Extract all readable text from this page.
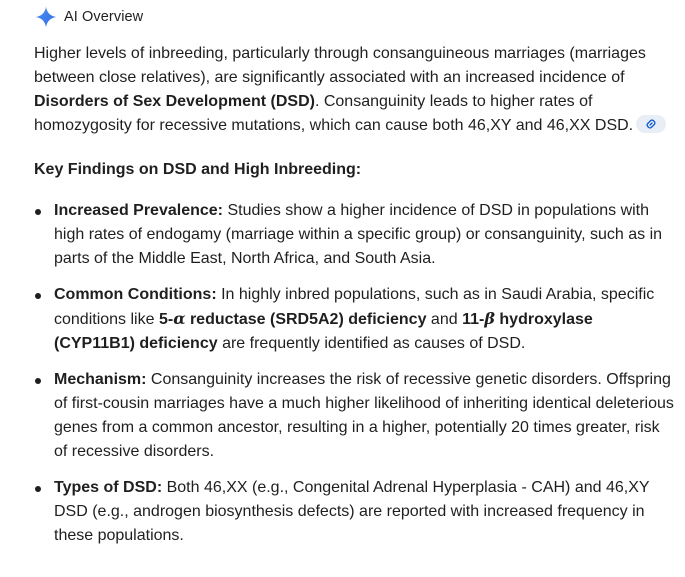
AI Overview

Higher levels of inbreeding, particularly through consanguineous marriages (marriages between close relatives), are significantly associated with an increased incidence of Disorders of Sex Development (DSD). Consanguinity leads to higher rates of homozygosity for recessive mutations, which can cause both 46,XY and 46,XX DSD.

Key Findings on DSD and High Inbreeding:

Increased Prevalence: Studies show a higher incidence of DSD in populations with high rates of endogamy (marriage within a specific group) or consanguinity, such as in parts of the Middle East, North Africa, and South Asia.
Common Conditions: In highly inbred populations, such as in Saudi Arabia, specific conditions like 5-α reductase (SRD5A2) deficiency and 11-β hydroxylase (CYP11B1) deficiency are frequently identified as causes of DSD.
Mechanism: Consanguinity increases the risk of recessive genetic disorders. Offspring of first-cousin marriages have a much higher likelihood of inheriting identical deleterious genes from a common ancestor, resulting in a higher, potentially 20 times greater, risk of recessive disorders.
Types of DSD: Both 46,XX (e.g., Congenital Adrenal Hyperplasia - CAH) and 46,XY DSD (e.g., androgen biosynthesis defects) are reported with increased frequency in these populations.
